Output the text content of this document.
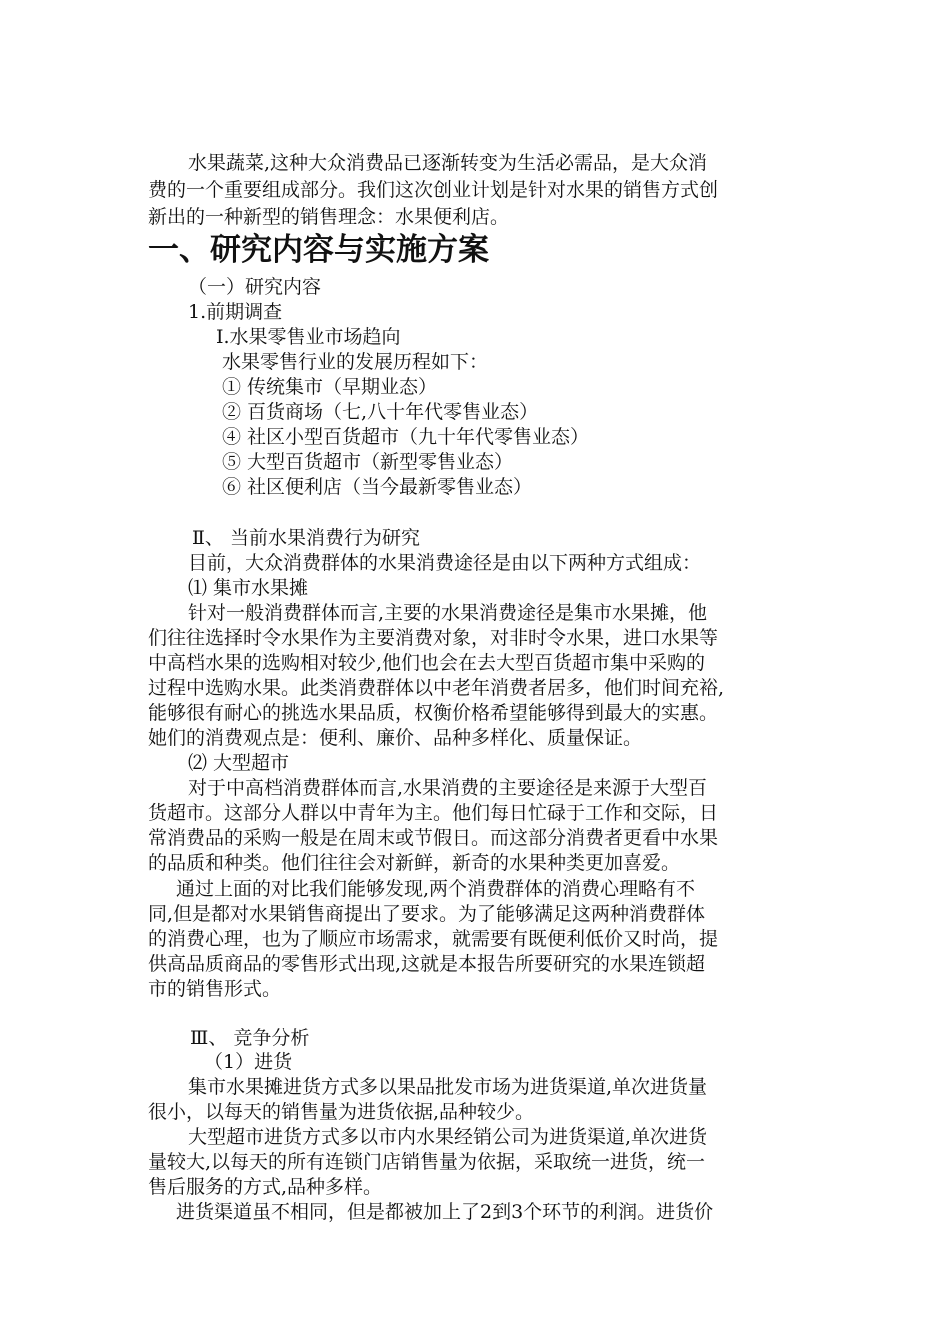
水果蔬菜,这种大众消费品已逐渐转变为生活必需品，是大众消
费的一个重要组成部分。我们这次创业计划是针对水果的销售方式创
新出的一种新型的销售理念：水果便利店。
一、研究内容与实施方案
（一）研究内容
1.前期调查
Ⅰ.水果零售业市场趋向
水果零售行业的发展历程如下：
① 传统集市（早期业态）
② 百货商场（七,八十年代零售业态）
④ 社区小型百货超市（九十年代零售业态）
⑤ 大型百货超市（新型零售业态）
⑥ 社区便利店（当今最新零售业态）
Ⅱ、 当前水果消费行为研究
目前，大众消费群体的水果消费途径是由以下两种方式组成：
⑴ 集市水果摊
针对一般消费群体而言,主要的水果消费途径是集市水果摊，他
们往往选择时令水果作为主要消费对象，对非时令水果，进口水果等
中高档水果的选购相对较少,他们也会在去大型百货超市集中采购的
过程中选购水果。此类消费群体以中老年消费者居多，他们时间充裕,
能够很有耐心的挑选水果品质，权衡价格希望能够得到最大的实惠。
她们的消费观点是：便利、廉价、品种多样化、质量保证。
⑵ 大型超市
对于中高档消费群体而言,水果消费的主要途径是来源于大型百
货超市。这部分人群以中青年为主。他们每日忙碌于工作和交际，日
常消费品的采购一般是在周末或节假日。而这部分消费者更看中水果
的品质和种类。他们往往会对新鲜，新奇的水果种类更加喜爱。
通过上面的对比我们能够发现,两个消费群体的消费心理略有不
同,但是都对水果销售商提出了要求。为了能够满足这两种消费群体
的消费心理，也为了顺应市场需求，就需要有既便利低价又时尚，提
供高品质商品的零售形式出现,这就是本报告所要研究的水果连锁超
市的销售形式。
Ⅲ、 竞争分析
（1）进货
集市水果摊进货方式多以果品批发市场为进货渠道,单次进货量
很小，以每天的销售量为进货依据,品种较少。
大型超市进货方式多以市内水果经销公司为进货渠道,单次进货
量较大,以每天的所有连锁门店销售量为依据，采取统一进货，统一
售后服务的方式,品种多样。
进货渠道虽不相同，但是都被加上了2到3个环节的利润。进货价
